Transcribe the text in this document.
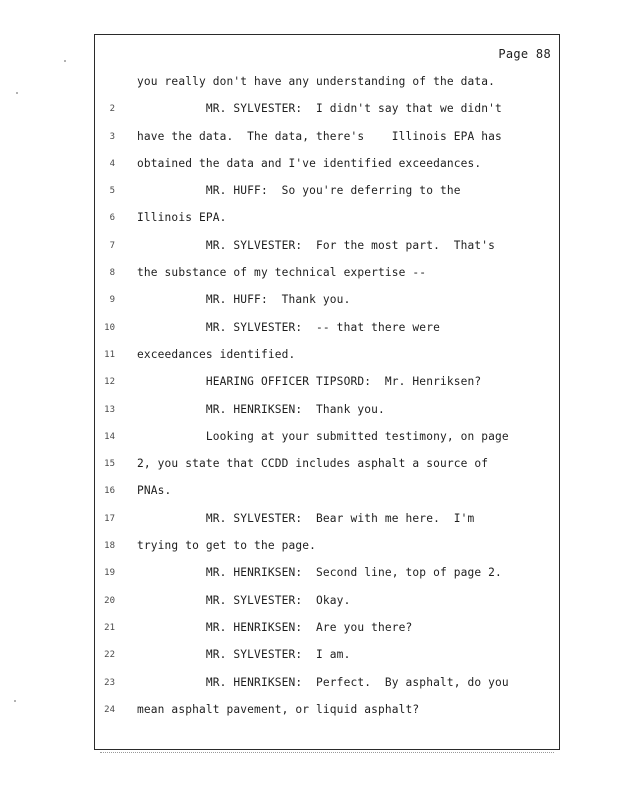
Page 88
you really don't have any understanding of the data.
2 MR. SYLVESTER:  I didn't say that we didn't
3 have the data.  The data, there's    Illinois EPA has
4 obtained the data and I've identified exceedances.
5 MR. HUFF:  So you're deferring to the
6 Illinois EPA.
7 MR. SYLVESTER:  For the most part.  That's
8 the substance of my technical expertise --
9 MR. HUFF:  Thank you.
10 MR. SYLVESTER:  -- that there were
11 exceedances identified.
12 HEARING OFFICER TIPSORD:  Mr. Henriksen?
13 MR. HENRIKSEN:  Thank you.
14 Looking at your submitted testimony, on page
15 2, you state that CCDD includes asphalt a source of
16 PNAs.
17 MR. SYLVESTER:  Bear with me here.  I'm
18 trying to get to the page.
19 MR. HENRIKSEN:  Second line, top of page 2.
20 MR. SYLVESTER:  Okay.
21 MR. HENRIKSEN:  Are you there?
22 MR. SYLVESTER:  I am.
23 MR. HENRIKSEN:  Perfect.  By asphalt, do you
24 mean asphalt pavement, or liquid asphalt?
